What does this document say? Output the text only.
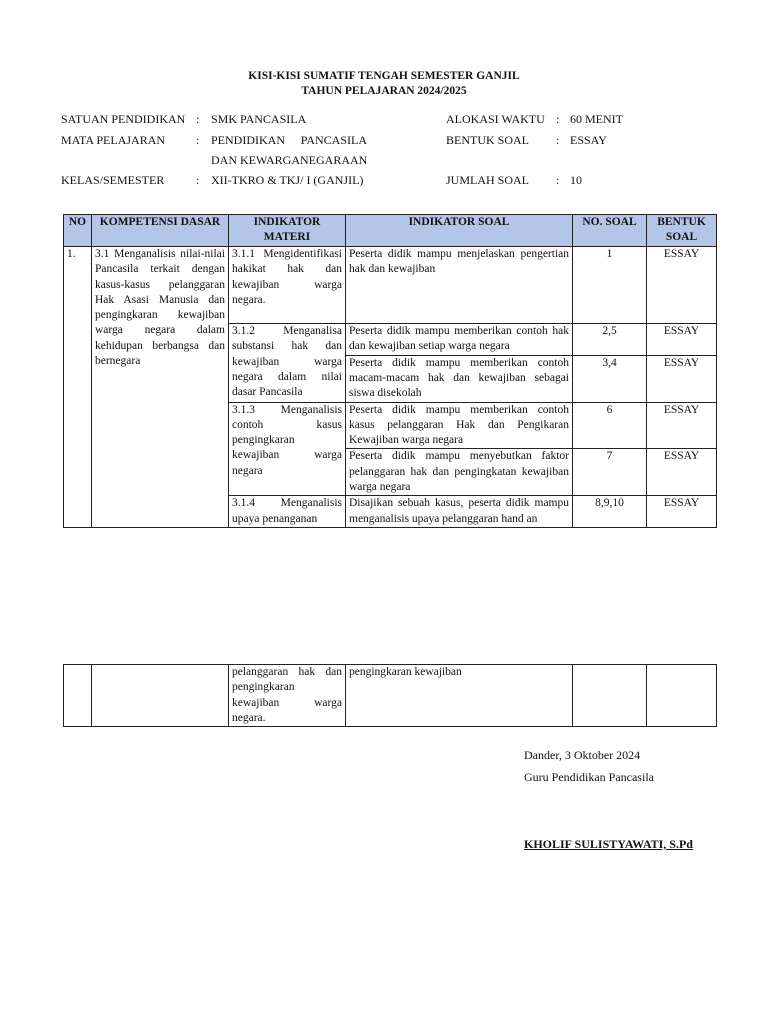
KISI-KISI SUMATIF TENGAH SEMESTER GANJIL
TAHUN PELAJARAN 2024/2025
SATUAN PENDIDIKAN : SMK PANCASILA
MATA PELAJARAN	: PENDIDIKAN PANCASILA
DAN KEWARGANEGARAAN
KELAS/SEMESTER	: XII-TKRO & TKJ/ I (GANJIL)
ALOKASI WAKTU : 60 MENIT
BENTUK SOAL : ESSAY
JUMLAH SOAL : 10
NO	KOMPETENSI DASAR	INDIKATOR MATERI	INDIKATOR SOAL	NO. SOAL	BENTUK SOAL
1.	3.1 Menganalisis nilai-nilai Pancasila terkait dengan kasus-kasus pelanggaran Hak Asasi Manusia dan pengingkaran kewajiban warga negara dalam kehidupan berbangsa dan bernegara	3.1.1 Mengidentifikasi hakikat hak dan kewajiban warga negara.	Peserta didik mampu menjelaskan pengertian hak dan kewajiban	1	ESSAY
		3.1.2 Menganalisa substansi hak dan kewajiban warga negara dalam nilai dasar Pancasila	Peserta didik mampu memberikan contoh hak dan kewajiban setiap warga negara	2,5	ESSAY
			Peserta didik mampu memberikan contoh macam-macam hak dan kewajiban sebagai siswa disekolah	3,4	ESSAY
		3.1.3 Menganalisis contoh kasus pengingkaran kewajiban warga negara	Peserta didik mampu memberikan contoh kasus pelanggaran Hak dan Pengikaran Kewajiban warga negara	6	ESSAY
			Peserta didik mampu menyebutkan faktor pelanggaran hak dan pengingkatan kewajiban warga negara	7	ESSAY
		3.1.4 Menganalisis upaya penanganan	Disajikan sebuah kasus, peserta didik mampu menganalisis upaya pelanggaran hand an	8,9,10	ESSAY
		pelanggaran hak dan pengingkaran kewajiban warga negara.	pengingkaran kewajiban		
Dander, 3 Oktober 2024
Guru Pendidikan Pancasila
KHOLIF SULISTYAWATI, S.Pd
